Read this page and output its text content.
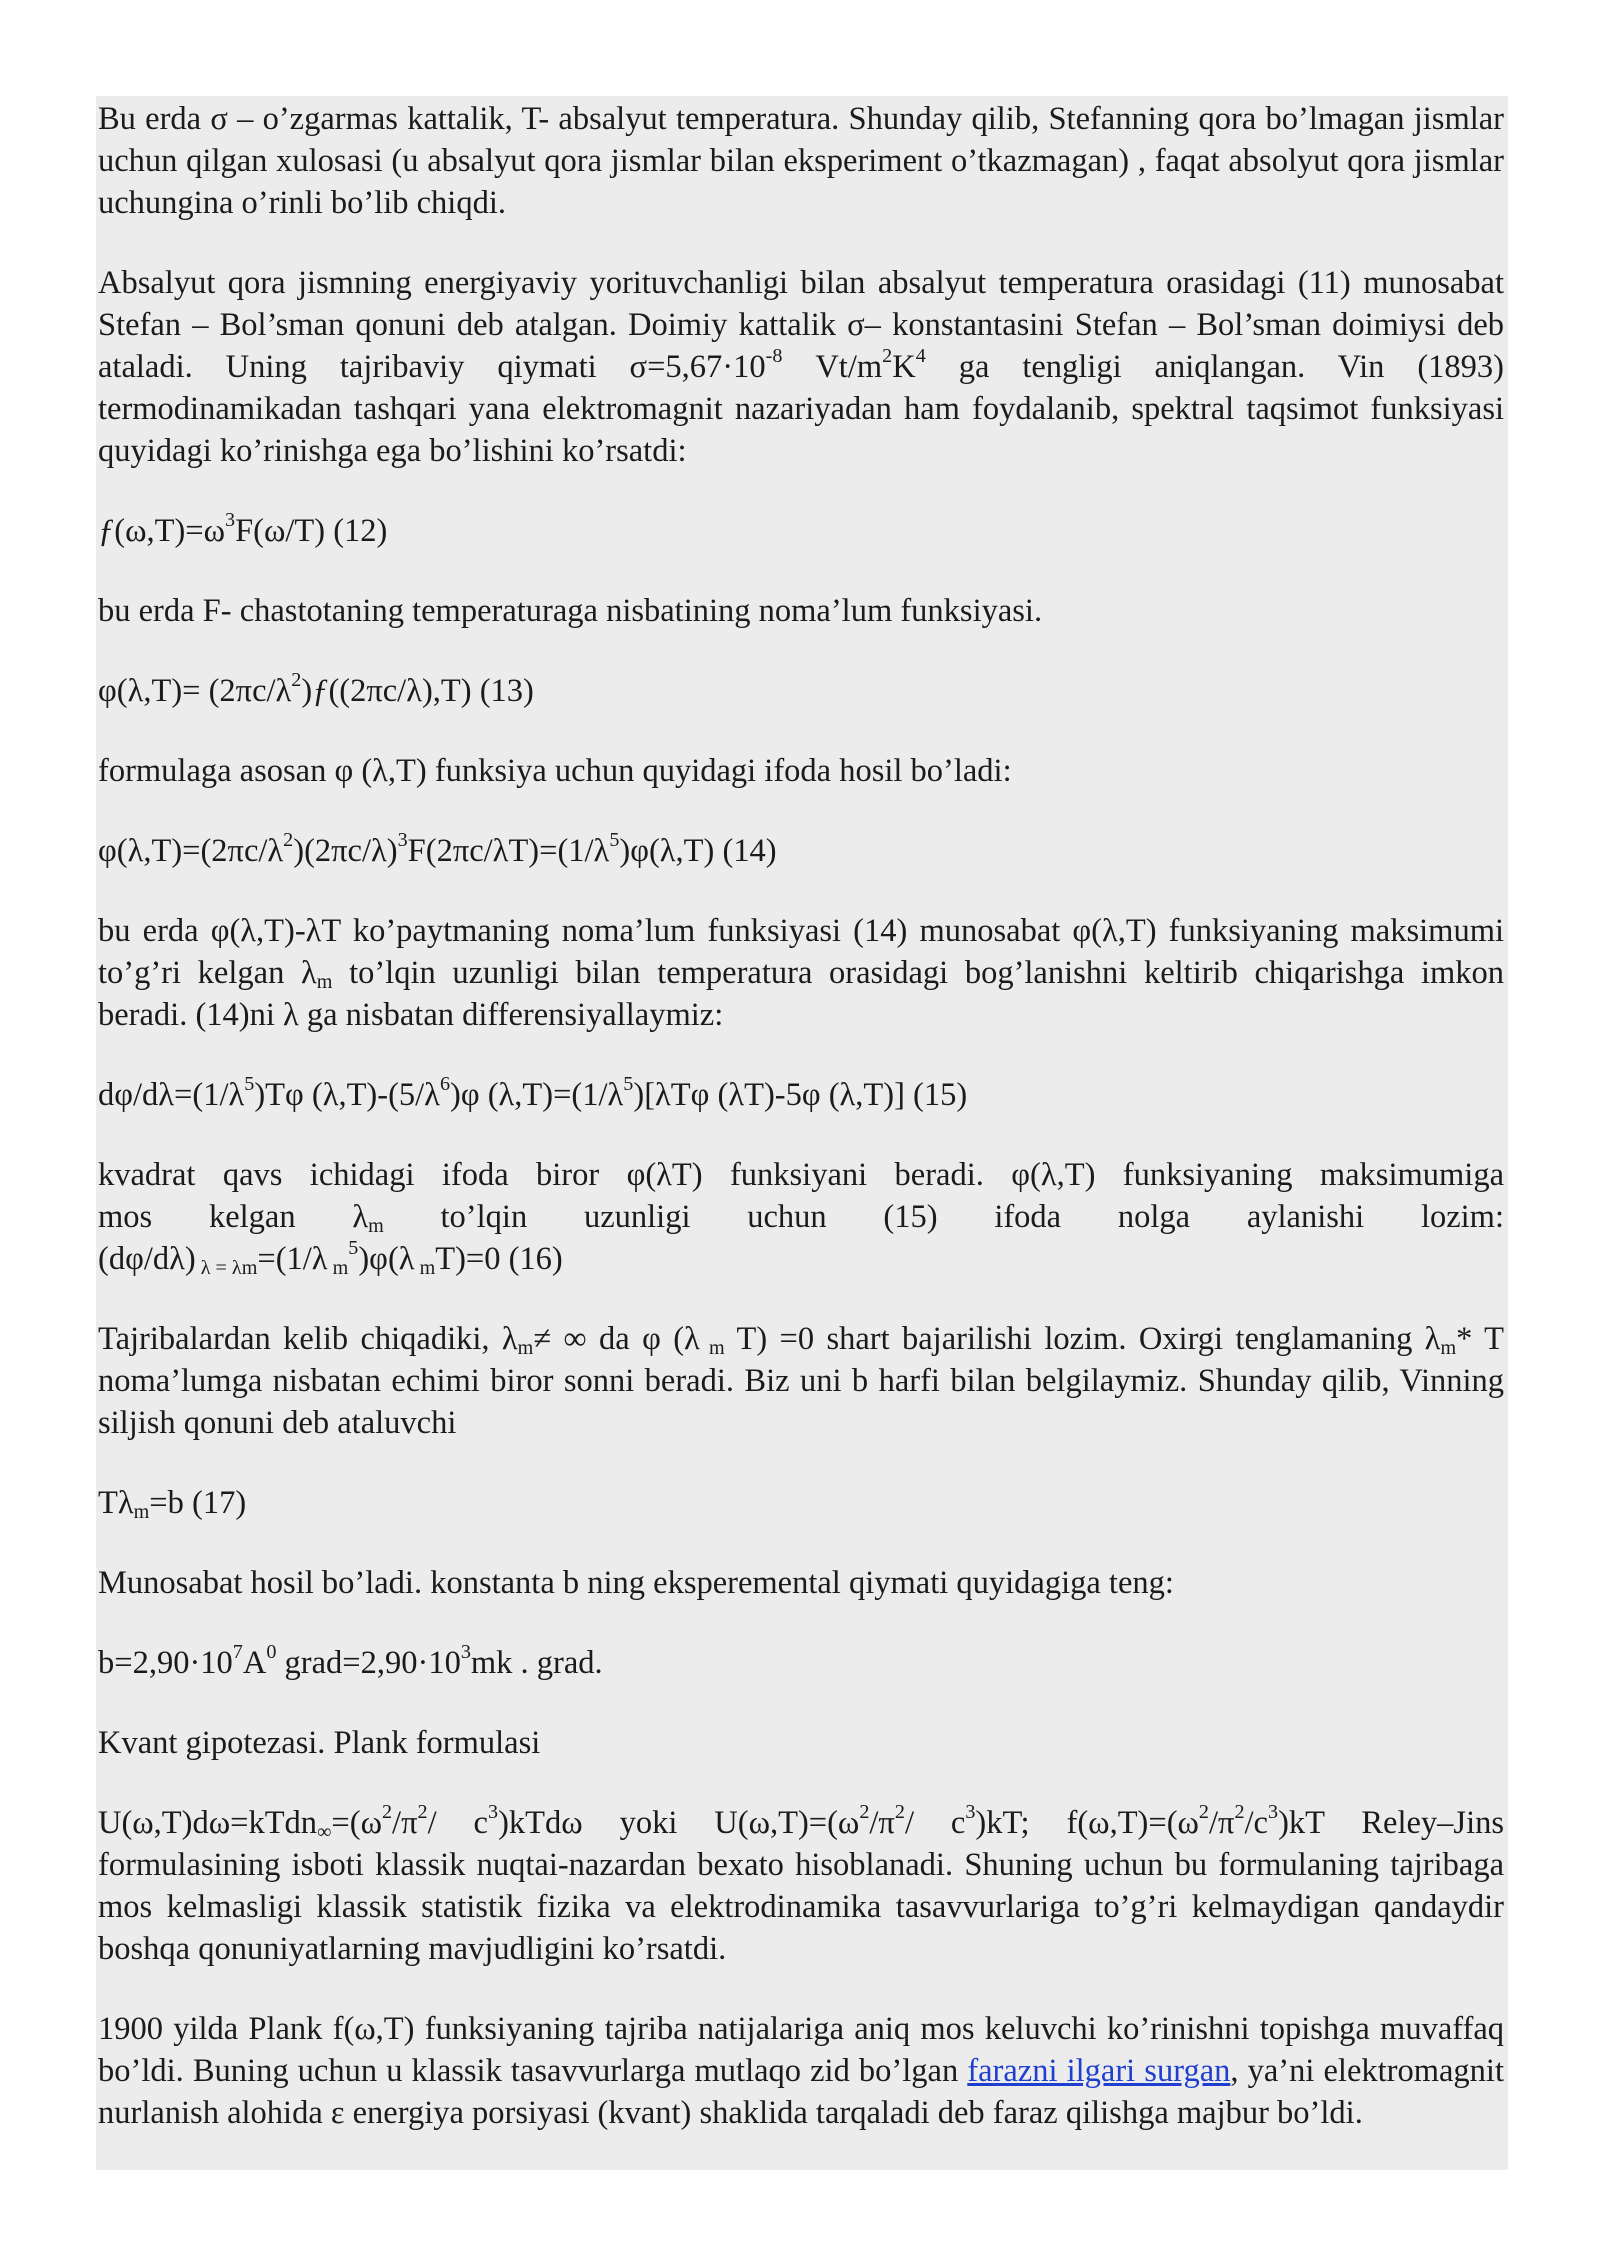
Bu erda σ – o’zgarmas kattalik, T- absalyut temperatura. Shunday qilib, Stefanning qora bo’lmagan jismlar uchun qilgan xulosasi (u absalyut qora jismlar bilan eksperiment o’tkazmagan) , faqat absolyut qora jismlar uchungina o’rinli bo’lib chiqdi.

Absalyut qora jismning energiyaviy yorituvchanligi bilan absalyut temperatura orasidagi (11) munosabat Stefan – Bol’sman qonuni deb atalgan. Doimiy kattalik σ– konstantasini Stefan – Bol’sman doimiysi deb ataladi. Uning tajribaviy qiymati $\sigma=5,67\cdot 10^{-8}$ $Vt/m^2K^4$ ga tengligi aniqlangan. Vin (1893) termodinamikadan tashqari yana elektromagnit nazariyadan ham foydalanib, spektral taqsimot funksiyasi quyidagi ko’rinishga ega bo’lishini ko’rsatdi:

$ƒ(\omega,T)=\omega^3F(\omega/T)$ (12)

bu erda F- chastotaning temperaturaga nisbatining noma’lum funksiyasi.

$\varphi(\lambda,T)= (2\pi c/\lambda^2)ƒ((2\pi c/\lambda),T)$ (13)

formulaga asosan φ (λ,T) funksiya uchun quyidagi ifoda hosil bo’ladi:

$\varphi(\lambda,T)=(2\pi c/\lambda^2)(2\pi c/\lambda)^3F(2\pi c/\lambda T)=(1/\lambda^5)\varphi(\lambda,T)$ (14)

bu erda φ(λ,T)-λT ko’paytmaning noma’lum funksiyasi (14) munosabat φ(λ,T) funksiyaning maksimumi to’g’ri kelgan $\lambda_m$ to’lqin uzunligi bilan temperatura orasidagi bog’lanishni keltirib chiqarishga imkon beradi. (14)ni λ ga nisbatan differensiyallaymiz:

$d\varphi/d\lambda=(1/\lambda^5)T\varphi$ $(\lambda,T)-(5/\lambda^6)\varphi$ $(\lambda,T)=(1/\lambda^5)[\lambda T\varphi$ (λT)-5φ (λ,T)] (15)

kvadrat qavs ichidagi ifoda biror φ(λT) funksiyani beradi. φ(λ,T) funksiyaning maksimumiga

mos kelgan $\lambda_m$ to’lqin uzunligi uchun (15) ifoda nolga aylanishi lozim:

(dφ/dλ) $_{\lambda = \lambda m}$=(1/λ $_m^5$)φ(λ $_m$T)=0 (16)

Tajribalardan kelib chiqadiki, $\lambda_m\ne$ ∞ da φ (λ $_m$ T) =0 shart bajarilishi lozim. Oxirgi tenglamaning $\lambda_m*$ T noma’lumga nisbatan echimi biror sonni beradi. Biz uni b harfi bilan belgilaymiz. Shunday qilib, Vinning siljish qonuni deb ataluvchi

$T\lambda_m=b$ (17)

Munosabat hosil bo’ladi. konstanta b ning eksperemental qiymati quyidagiga teng:

$b=2,90\cdot 10^7A^0$ $grad=2,90\cdot 10^3mk$ . grad.

Kvant gipotezasi. Plank formulasi

$U(\omega,T)d\omega=kTdn_\infty=(\omega^2/\pi^2/$ $c^3)kTd\omega$ yoki $U(\omega,T)=(\omega^2/\pi^2/$ $c^3)kT$; $f(\omega,T)=(\omega^2/\pi^2/c^3)kT$ Reley–Jins formulasining isboti klassik nuqtai-nazardan bexato hisoblanadi. Shuning uchun bu formulaning tajribaga mos kelmasligi klassik statistik fizika va elektrodinamika tasavvurlariga to’g’ri kelmaydigan qandaydir boshqa qonuniyatlarning mavjudligini ko’rsatdi.

1900 yilda Plank f(ω,T) funksiyaning tajriba natijalariga aniq mos keluvchi ko’rinishni topishga muvaffaq bo’ldi. Buning uchun u klassik tasavvurlarga mutlaqo zid bo’lgan farazni ilgari surgan, ya’ni elektromagnit nurlanish alohida ε energiya porsiyasi (kvant) shaklida tarqaladi deb faraz qilishga majbur bo’ldi.
